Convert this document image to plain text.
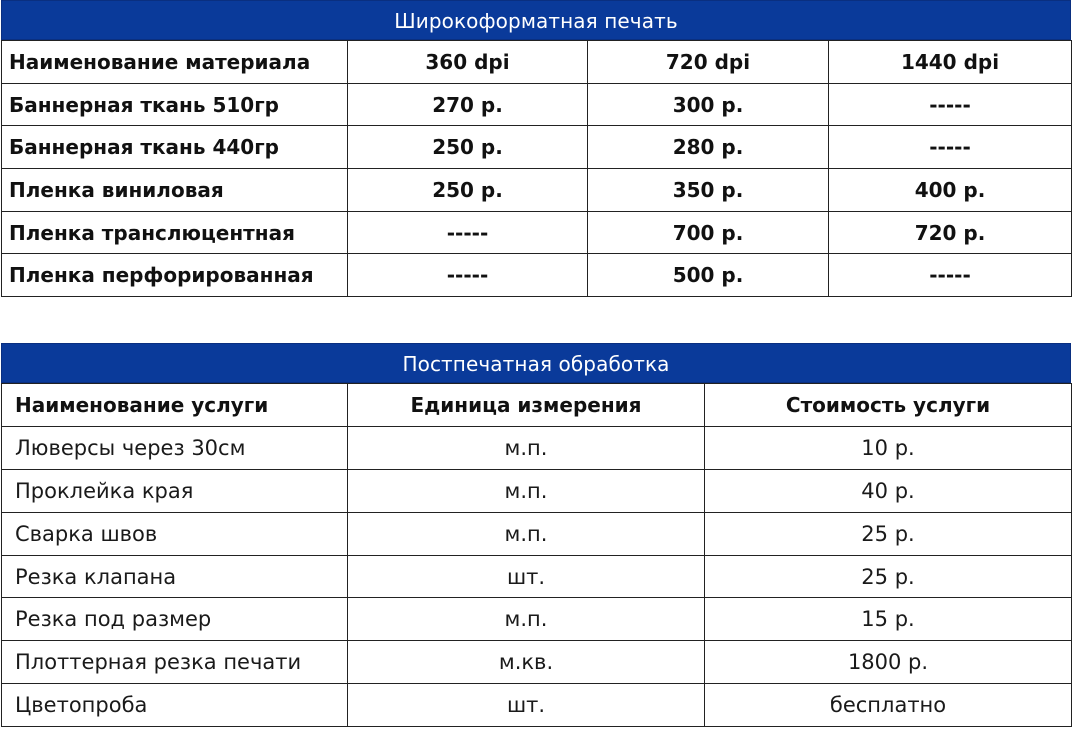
Широкоформатная печать
Наименование материала	360 dpi	720 dpi	1440 dpi
Баннерная ткань 510гр	270 р.	300 р.	-----
Баннерная ткань 440гр	250 р.	280 р.	-----
Пленка виниловая	250 р.	350 р.	400 р.
Пленка транслюцентная	-----	700 р.	720 р.
Пленка перфорированная	-----	500 р.	-----
Постпечатная обработка
Наименование услуги	Единица измерения	Стоимость услуги
Люверсы через 30см	м.п.	10 р.
Проклейка края	м.п.	40 р.
Сварка швов	м.п.	25 р.
Резка клапана	шт.	25 р.
Резка под размер	м.п.	15 р.
Плоттерная резка печати	м.кв.	1800 р.
Цветопроба	шт.	бесплатно
